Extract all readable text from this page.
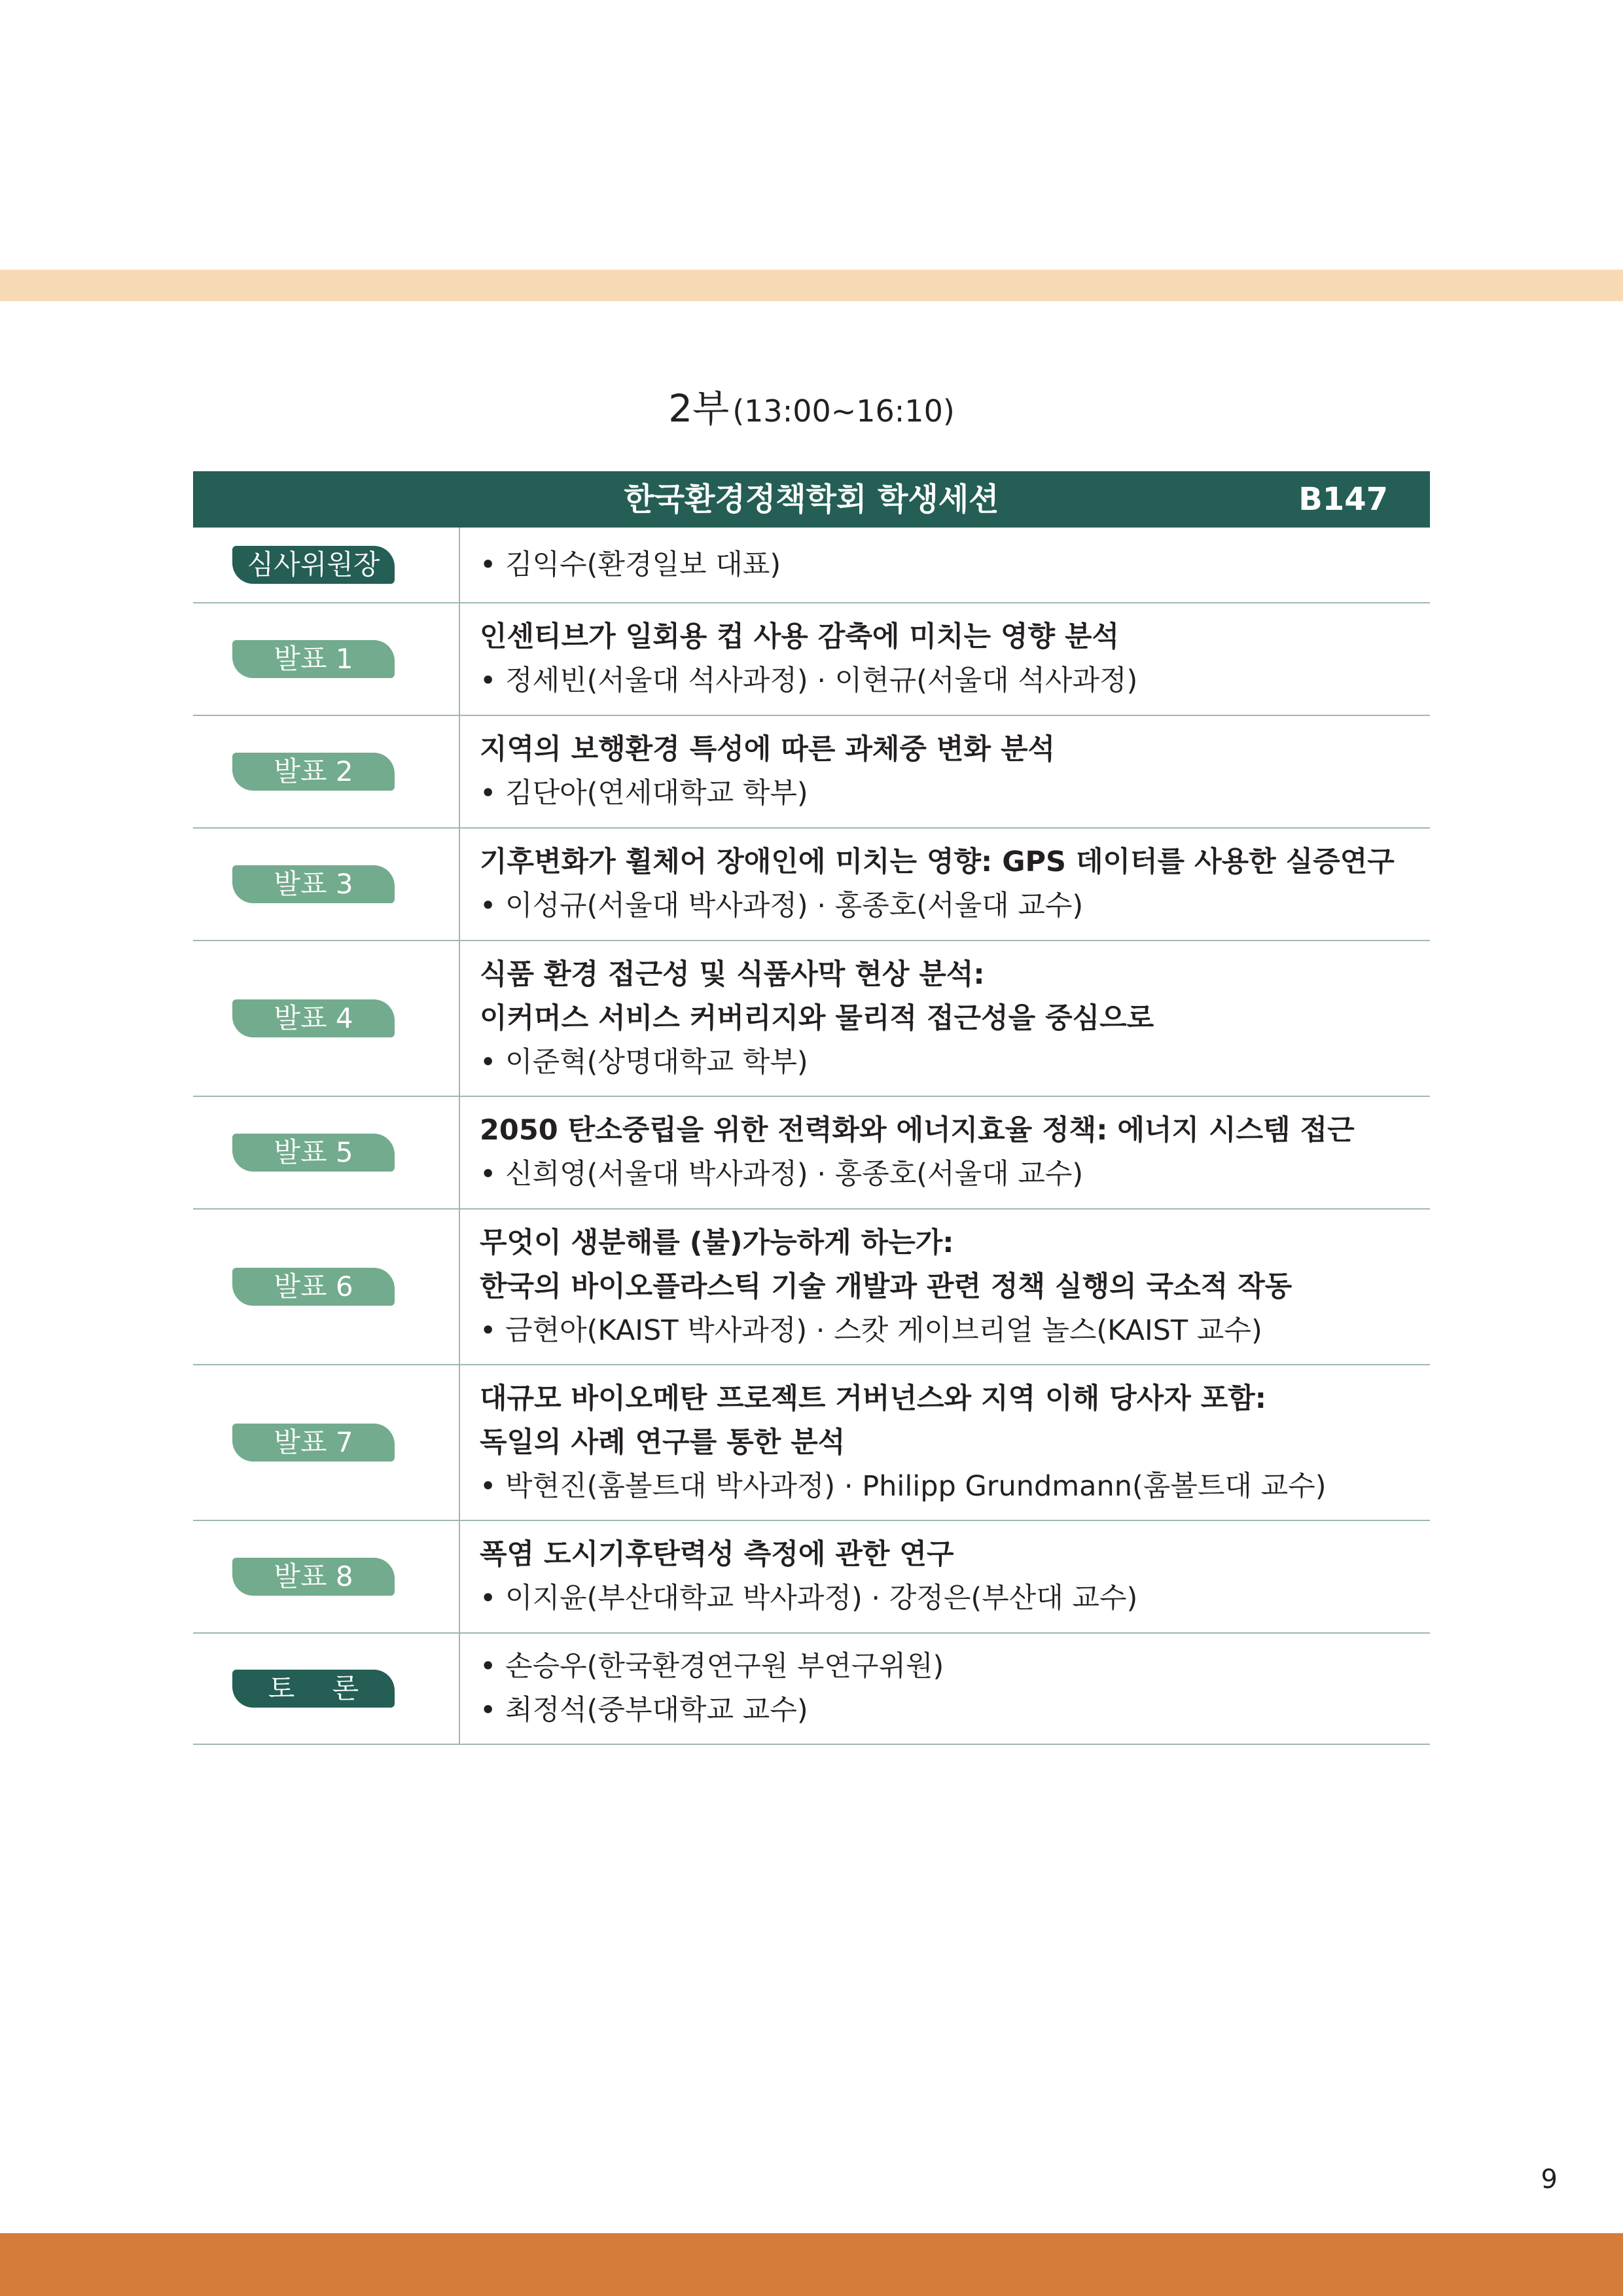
2부 (13:00~16:10)
한국환경정책학회 학생세션	B147
심사위원장
•	김익수(환경일보 대표)
발표 1
인센티브가 일회용 컵 사용 감축에 미치는 영향 분석
• 정세빈(서울대 석사과정) · 이현규(서울대 석사과정)
발표 2
지역의 보행환경 특성에 따른 과체중 변화 분석
• 김단아(연세대학교 학부)
발표 3
기후변화가 휠체어 장애인에 미치는 영향: GPS 데이터를 사용한 실증연구
• 이성규(서울대 박사과정) · 홍종호(서울대 교수)
발표 4
식품 환경 접근성 및 식품사막 현상 분석:
이커머스 서비스 커버리지와 물리적 접근성을 중심으로
• 이준혁(상명대학교 학부)
발표 5
2050 탄소중립을 위한 전력화와 에너지효율 정책: 에너지 시스템 접근
• 신희영(서울대 박사과정) · 홍종호(서울대 교수)
발표 6
무엇이 생분해를 (불)가능하게 하는가:
한국의 바이오플라스틱 기술 개발과 관련 정책 실행의 국소적 작동
• 금현아(KAIST 박사과정) · 스캇 게이브리얼 놀스(KAIST 교수)
발표 7
대규모 바이오메탄 프로젝트 거버넌스와 지역 이해 당사자 포함:
독일의 사례 연구를 통한 분석
• 박현진(훔볼트대 박사과정) · Philipp Grundmann(훔볼트대 교수)
발표 8
폭염 도시기후탄력성 측정에 관한 연구
• 이지윤(부산대학교 박사과정) · 강정은(부산대 교수)
토 론
• 손승우(한국환경연구원 부연구위원)
• 최정석(중부대학교 교수)
9
